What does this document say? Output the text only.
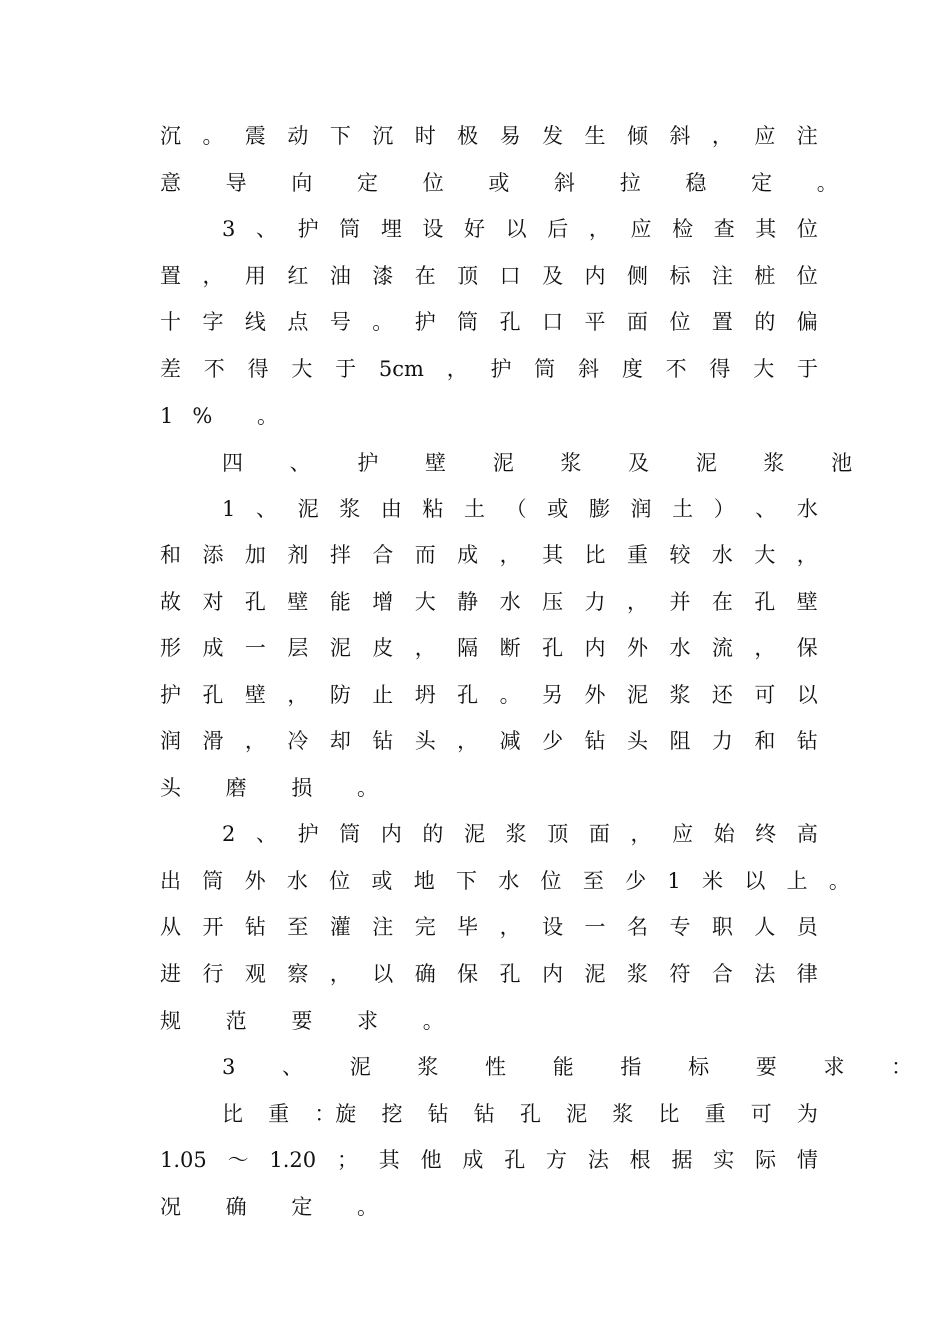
沉 。 震 动 下 沉 时 极 易 发 生 倾 斜 ， 应 注
意 导 向 定 位 或 斜 拉 稳 定 。
3 、 护 筒 埋 设 好 以 后 ， 应 检 查 其 位
置 ， 用 红 油 漆 在 顶 口 及 内 侧 标 注 桩 位
十 字 线 点 号 。 护 筒 孔 口 平 面 位 置 的 偏
差 不 得 大 于 5cm ， 护 筒 斜 度 不 得 大 于
1% 。
四 、 护 壁 泥 浆 及 泥 浆 池
1 、 泥 浆 由 粘 土 （ 或 膨 润 土 ） 、 水
和 添 加 剂 拌 合 而 成 ， 其 比 重 较 水 大 ，
故 对 孔 壁 能 增 大 静 水 压 力 ， 并 在 孔 壁
形 成 一 层 泥 皮 ， 隔 断 孔 内 外 水 流 ， 保
护 孔 壁 ， 防 止 坍 孔 。 另 外 泥 浆 还 可 以
润 滑 ， 冷 却 钻 头 ， 减 少 钻 头 阻 力 和 钻
头 磨 损 。
2 、 护 筒 内 的 泥 浆 顶 面 ， 应 始 终 高
出 筒 外 水 位 或 地 下 水 位 至 少 1 米 以 上 。
从 开 钻 至 灌 注 完 毕 ， 设 一 名 专 职 人 员
进 行 观 察 ， 以 确 保 孔 内 泥 浆 符 合 法 律
规 范 要 求 。
3 、 泥 浆 性 能 指 标 要 求 ：
比 重 ：旋 挖 钻 钻 孔 泥 浆 比 重 可 为
1.05 ～ 1.20 ； 其 他 成 孔 方 法 根 据 实 际 情
况 确 定 。
